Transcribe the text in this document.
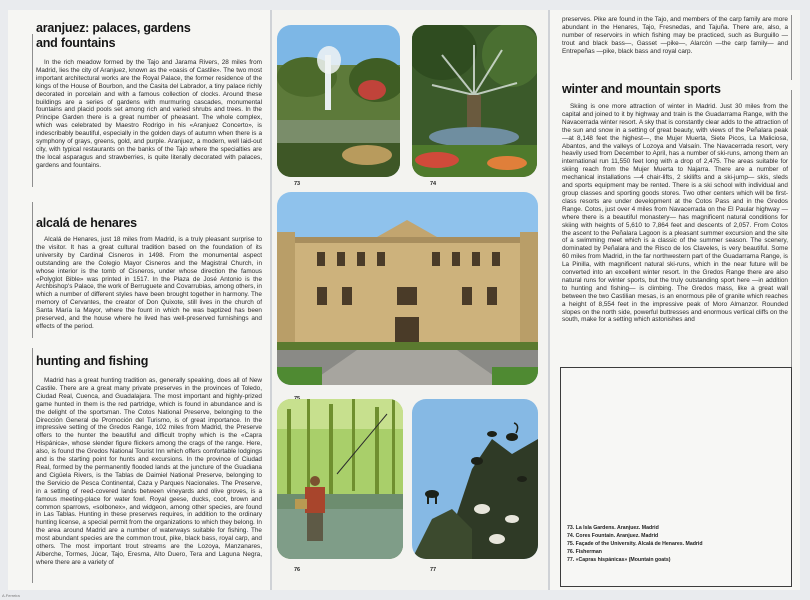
aranjuez: palaces, gardens
and fountains

In the rich meadow formed by the Tajo and Jarama Rivers, 28 miles from Madrid, lies the city of Aranjuez, known as the «oasis of Castile». The two most important architectural works are the Royal Palace, the former residence of the kings of the House of Bourbon, and the Casita del Labrador, a tiny palace richly decorated in porcelain and with a famous collection of clocks. Around these buildings are a series of gardens with murmuring cascades, monumental fountains and placid pools set among rich and varied shrubs and trees. In the Principe Garden there is a great number of pheasant. The whole complex, which was celebrated by Maestro Rodrigo in his «Aranjuez Concerto», is indescribably beautiful, especially in the golden days of autumn when there is a symphony of grays, greens, gold, and purple. Aranjuez, a modern, well laid-out city, with typical restaurants on the banks of the Tajo where the specialties are the local asparagus and strawberries, is quite literally decorated with palaces, gardens and fountains.

alcalá de henares

Alcalá de Henares, just 18 miles from Madrid, is a truly pleasant surprise to the visitor. It has a great cultural tradition based on the foundation of its university by Cardinal Cisneros in 1498. From the monumental aspect outstanding are the Colegio Mayor Cisneros and the Magistral Church, in whose interior is the tomb of Cisneros, under whose direction the famous «Polyglot Bible» was printed in 1517. In the Plaza de José Antonio is the Archbishop's Palace, the work of Berruguete and Covarrubias, among others, in which a number of different styles have been brought together in harmony. The memory of Cervantes, the creator of Don Quixote, still lives in the church of Santa María la Mayor, where the fount in which he was baptized has been preserved, and the house where he lived has well-preserved furnishings and effects of the period.

hunting and fishing

Madrid has a great hunting tradition as, generally speaking, does all of New Castile. There are a great many private preserves in the provinces of Toledo, Ciudad Real, Cuenca, and Guadalajara. The most important and highly-prized game hunted in them is the red partridge, which is found in abundance and is the delight of the sportsman. The Cotos National Preserve, belonging to the Dirección General de Promoción del Turismo, is of great importance. In the impressive setting of the Gredos Range, 102 miles from Madrid, the Preserve offers to the hunter the beautiful and difficult trophy which is the «Capra Hispánica», whose slender figure flickers among the crags of the range. Here, also, is found the Gredos National Tourist Inn which offers comfortable lodgings and is the starting point for hunts and excursions. In the province of Ciudad Real, formed by the permanently flooded lands at the juncture of the Guadiana and Cigüela Rivers, is the Tablas de Daimiel National Preserve, belonging to the Servicio de Pesca Continental, Caza y Parques Nacionales. The Preserve, in a setting of reed-covered lands between vineyards and olive groves, is a famous meeting-place for water fowl. Royal geese, ducks, coot, brown and common sparrows, «solbonex», and widgeon, among other species, are found in Las Tablas. Hunting in these preserves requires, in addition to the ordinary hunting license, a special permit from the organizations to which they belong. In the area around Madrid are a number of waterways suitable for fishing. The most abundant species are the common trout, pike, black bass, royal carp, and others. The most important trout streams are the Lozoya, Manzanares, Alberche, Tormes, Júcar, Tajo, Eresma, Alto Duero, Tera and Laguna Negra, where there are a variety of

73	74
76	77

preserves. Pike are found in the Tajo, and members of the carp family are more abundant in the Henares, Tajo, Fresnedas, and Tajuña. There are, also, a number of reservoirs in which fishing may be practiced, such as Burguillo —trout and black bass—, Gasset —pike—, Alarcón —the carp family— and Entrepeñas —pike, black bass and royal carp.

winter and mountain sports

Skiing is one more attraction of winter in Madrid. Just 30 miles from the capital and joined to it by highway and train is the Guadarrama Range, with the Navacerrada winter resort. A sky that is constantly clear adds to the attraction of the sun and snow in a setting of great beauty, with views of the Peñalara peak —at 8,148 feet the highest—, the Mujer Muerta, Siete Picos, La Maliciosa, Abantos, and the valleys of Lozoya and Valsaín. The Navacerrada resort, very heavily used from December to April, has a number of ski-runs, among them an international run 11,550 feet long with a drop of 2,475. The areas suitable for skiing reach from the Mujer Muerta to Najarra. There are a number of mechanical installations —4 chair-lifts, 2 skilifts and a ski-jump— skis, sleds and sports equipment may be rented. There is a ski school with individual and group classes and sporting goods stores. Two other centers which will be first-class resorts are under development at the Cotos Pass and in the Gredos Range. Cotos, just over 4 miles from Navacerrada on the El Paular highway —where there is a beautiful monastery— has magnificent natural conditions for skiing with heights of 5,610 to 7,864 feet and descents of 2,057. From Cotos the ascent to the Peñalara Lagoon is a pleasant summer excursion and the site of a swimming meet which is a classic of the summer season. The scenery, dominated by Peñalara and the Risco de los Claveles, is very beautiful. Some 60 miles from Madrid, in the far northwestern part of the Guadarrama Range, is La Pinilla, with magnificent natural ski-runs, which in the near future will be converted into an excellent winter resort. In the Gredos Range there are also natural runs for winter sports, but the truly outstanding sport here —in addition to hunting and fishing— is climbing. The Gredos mass, like a great wall between the two Castilian mesas, is an enormous pile of granite which reaches a height of 8,554 feet in the impressive peak of Moro Almanzor. Rounded slopes on the north side, powerful buttresses and enormous vertical cliffs on the south, make for a setting which astonishes and

73. La Isla Gardens. Aranjuez. Madrid
74. Cores Fountain. Aranjuez. Madrid
75. Façade of the University. Alcalá de Henares. Madrid
76. Fisherman
77. «Capras hispánicas» (Mountain goats)
A.Ferreira
